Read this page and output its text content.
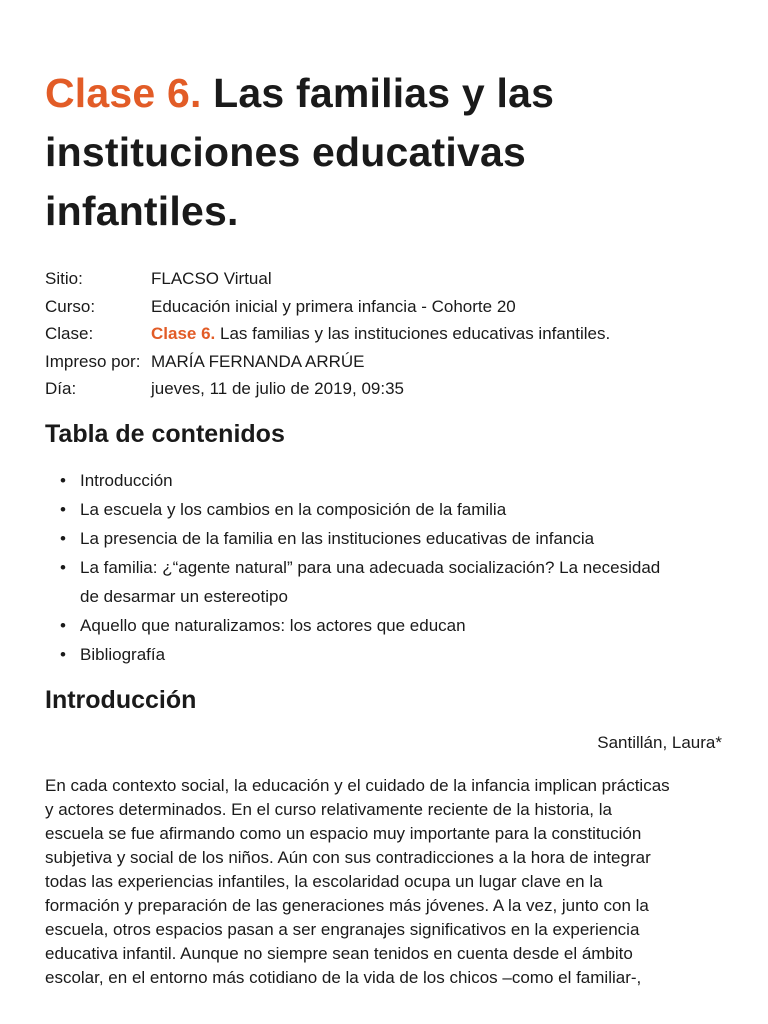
Clase 6. Las familias y las
instituciones educativas
infantiles.
Sitio:	FLACSO Virtual
Curso:	Educación inicial y primera infancia - Cohorte 20
Clase:	Clase 6. Las familias y las instituciones educativas infantiles.
Impreso por: MARÍA FERNANDA ARRÚE
Día:	jueves, 11 de julio de 2019, 09:35
Tabla de contenidos
• Introducción
• La escuela y los cambios en la composición de la familia
• La presencia de la familia en las instituciones educativas de infancia
• La familia: ¿“agente natural” para una adecuada socialización? La necesidad
de desarmar un estereotipo
• Aquello que naturalizamos: los actores que educan
• Bibliografía
Introducción
Santillán, Laura*
En cada contexto social, la educación y el cuidado de la infancia implican prácticas
y actores determinados. En el curso relativamente reciente de la historia, la
escuela se fue afirmando como un espacio muy importante para la constitución
subjetiva y social de los niños. Aún con sus contradicciones a la hora de integrar
todas las experiencias infantiles, la escolaridad ocupa un lugar clave en la
formación y preparación de las generaciones más jóvenes. A la vez, junto con la
escuela, otros espacios pasan a ser engranajes significativos en la experiencia
educativa infantil. Aunque no siempre sean tenidos en cuenta desde el ámbito
escolar, en el entorno más cotidiano de la vida de los chicos –como el familiar-,
